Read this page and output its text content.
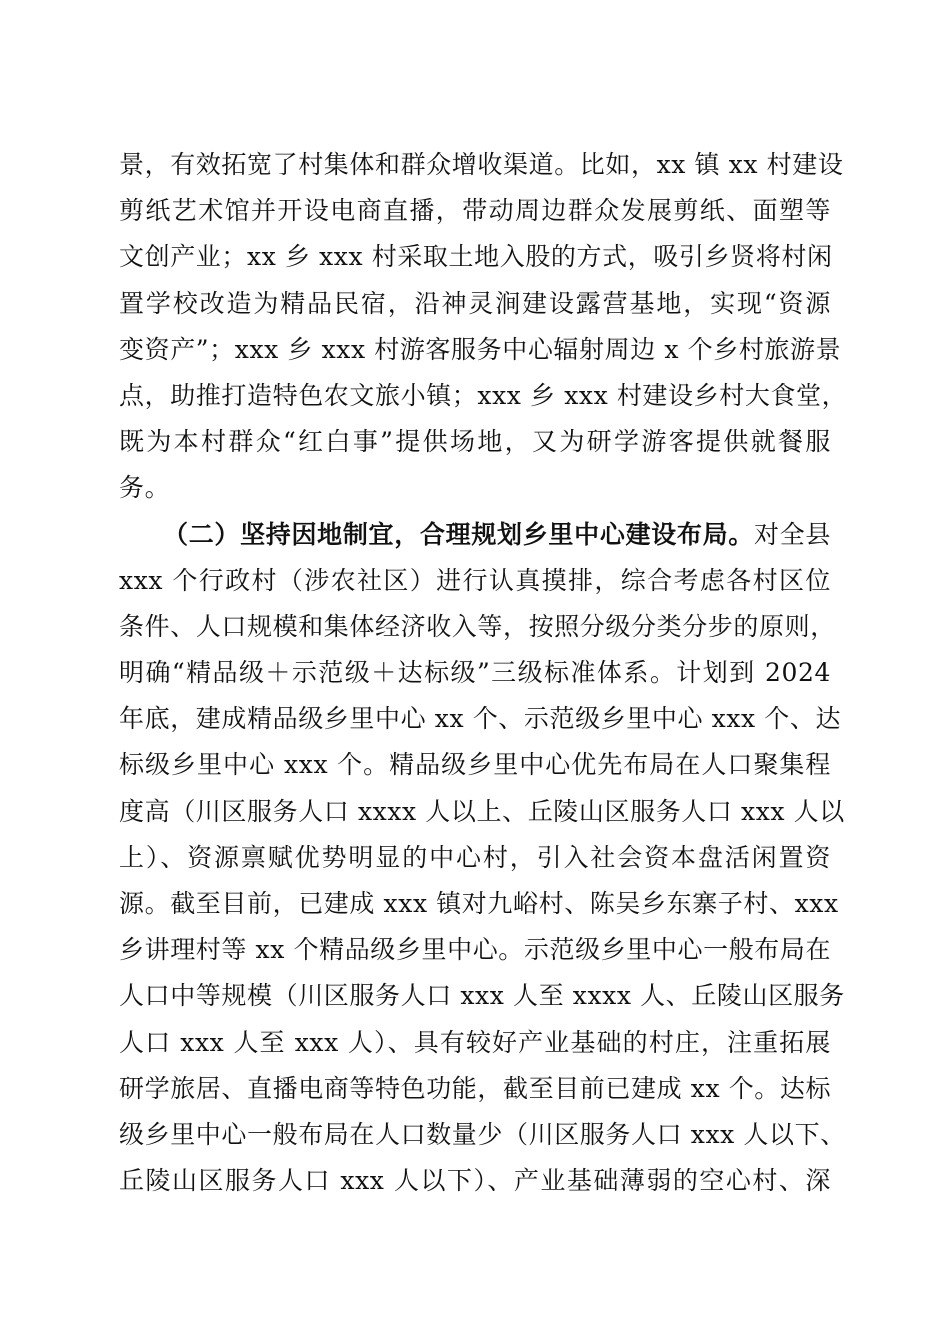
景，有效拓宽了村集体和群众增收渠道。比如，xx 镇 xx 村建设
剪纸艺术馆并开设电商直播，带动周边群众发展剪纸、面塑等
文创产业；xx 乡 xxx 村采取土地入股的方式，吸引乡贤将村闲
置学校改造为精品民宿，沿神灵涧建设露营基地，实现“资源
变资产”；xxx 乡 xxx 村游客服务中心辐射周边 x 个乡村旅游景
点，助推打造特色农文旅小镇；xxx 乡 xxx 村建设乡村大食堂，
既为本村群众“红白事”提供场地，又为研学游客提供就餐服
务。
（二）坚持因地制宜，合理规划乡里中心建设布局。对全县
xxx 个行政村（涉农社区）进行认真摸排，综合考虑各村区位
条件、人口规模和集体经济收入等，按照分级分类分步的原则，
明确“精品级＋示范级＋达标级”三级标准体系。计划到 2024
年底，建成精品级乡里中心 xx 个、示范级乡里中心 xxx 个、达
标级乡里中心 xxx 个。精品级乡里中心优先布局在人口聚集程
度高（川区服务人口 xxxx 人以上、丘陵山区服务人口 xxx 人以
上）、资源禀赋优势明显的中心村，引入社会资本盘活闲置资
源。截至目前，已建成 xxx 镇对九峪村、陈吴乡东寨子村、xxx
乡讲理村等 xx 个精品级乡里中心。示范级乡里中心一般布局在
人口中等规模（川区服务人口 xxx 人至 xxxx 人、丘陵山区服务
人口 xxx 人至 xxx 人）、具有较好产业基础的村庄，注重拓展
研学旅居、直播电商等特色功能，截至目前已建成 xx 个。达标
级乡里中心一般布局在人口数量少（川区服务人口 xxx 人以下、
丘陵山区服务人口 xxx 人以下）、产业基础薄弱的空心村、深
